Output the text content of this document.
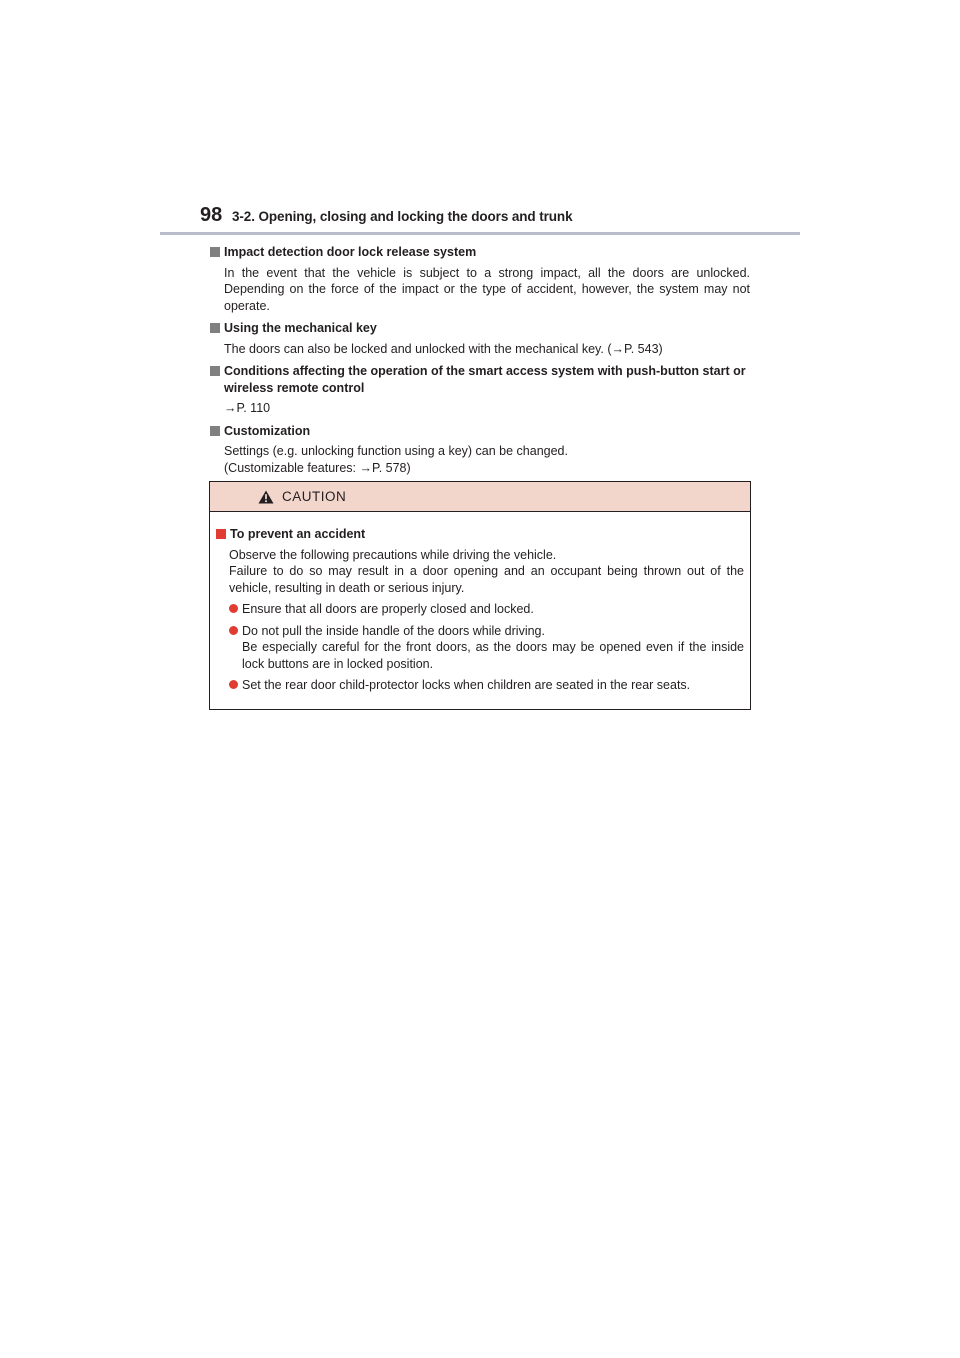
98 3-2. Opening, closing and locking the doors and trunk
Impact detection door lock release system
In the event that the vehicle is subject to a strong impact, all the doors are unlocked. Depending on the force of the impact or the type of accident, however, the system may not operate.
Using the mechanical key
The doors can also be locked and unlocked with the mechanical key. (→P. 543)
Conditions affecting the operation of the smart access system with push-button start or wireless remote control
→P. 110
Customization
Settings (e.g. unlocking function using a key) can be changed.
(Customizable features: →P. 578)
CAUTION
To prevent an accident
Observe the following precautions while driving the vehicle.
Failure to do so may result in a door opening and an occupant being thrown out of the vehicle, resulting in death or serious injury.
Ensure that all doors are properly closed and locked.
Do not pull the inside handle of the doors while driving.
Be especially careful for the front doors, as the doors may be opened even if the inside lock buttons are in locked position.
Set the rear door child-protector locks when children are seated in the rear seats.
